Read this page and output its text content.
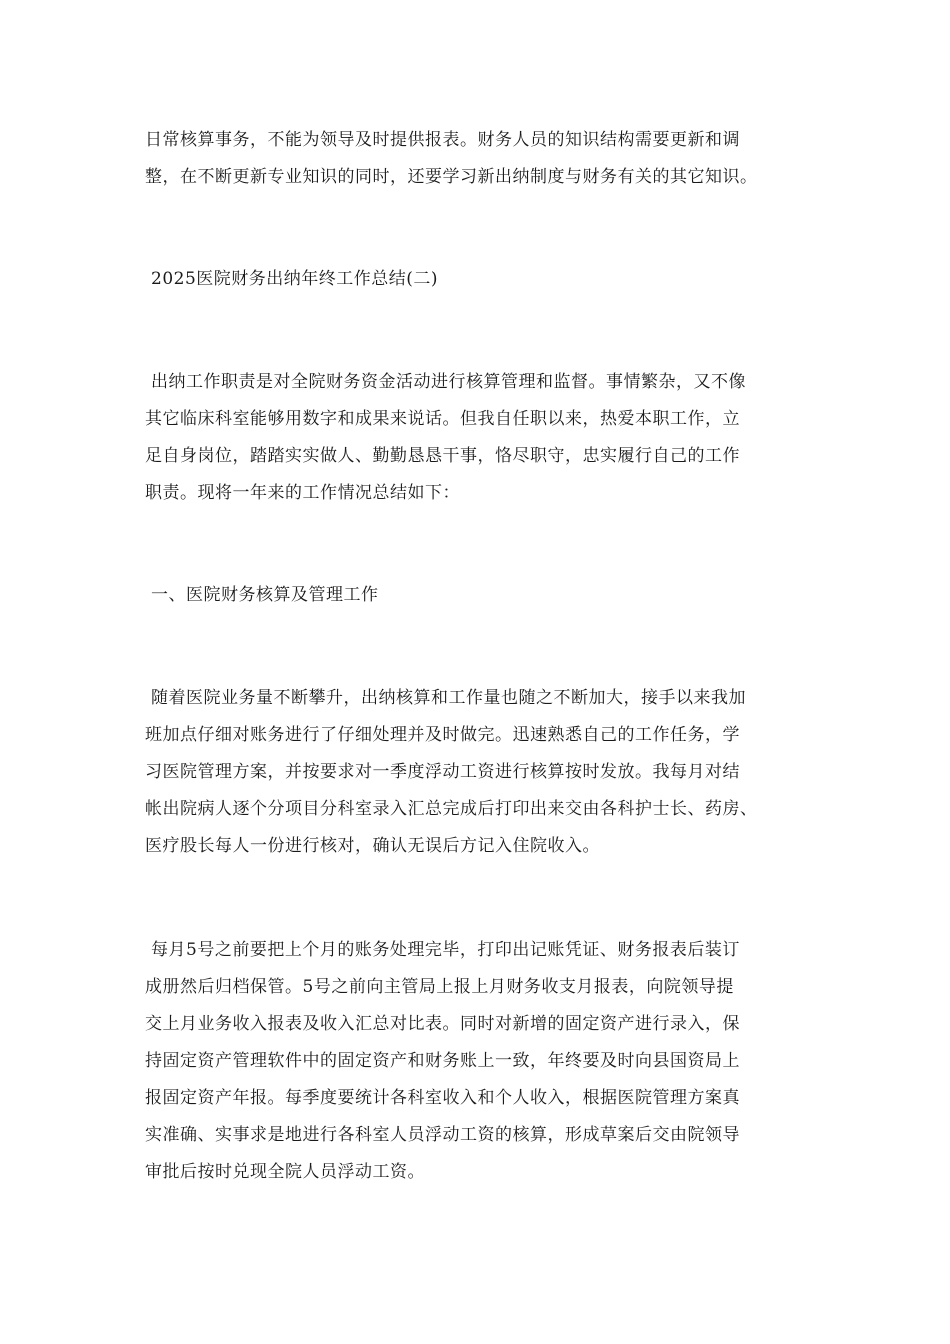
日常核算事务，不能为领导及时提供报表。财务人员的知识结构需要更新和调
整，在不断更新专业知识的同时，还要学习新出纳制度与财务有关的其它知识。
2025医院财务出纳年终工作总结(二)
出纳工作职责是对全院财务资金活动进行核算管理和监督。事情繁杂，又不像
其它临床科室能够用数字和成果来说话。但我自任职以来，热爱本职工作，立
足自身岗位，踏踏实实做人、勤勤恳恳干事，恪尽职守，忠实履行自己的工作
职责。现将一年来的工作情况总结如下：
一、医院财务核算及管理工作
随着医院业务量不断攀升，出纳核算和工作量也随之不断加大，接手以来我加
班加点仔细对账务进行了仔细处理并及时做完。迅速熟悉自己的工作任务，学
习医院管理方案，并按要求对一季度浮动工资进行核算按时发放。我每月对结
帐出院病人逐个分项目分科室录入汇总完成后打印出来交由各科护士长、药房、
医疗股长每人一份进行核对，确认无误后方记入住院收入。
每月5号之前要把上个月的账务处理完毕，打印出记账凭证、财务报表后装订
成册然后归档保管。5号之前向主管局上报上月财务收支月报表，向院领导提
交上月业务收入报表及收入汇总对比表。同时对新增的固定资产进行录入，保
持固定资产管理软件中的固定资产和财务账上一致，年终要及时向县国资局上
报固定资产年报。每季度要统计各科室收入和个人收入，根据医院管理方案真
实准确、实事求是地进行各科室人员浮动工资的核算，形成草案后交由院领导
审批后按时兑现全院人员浮动工资。
